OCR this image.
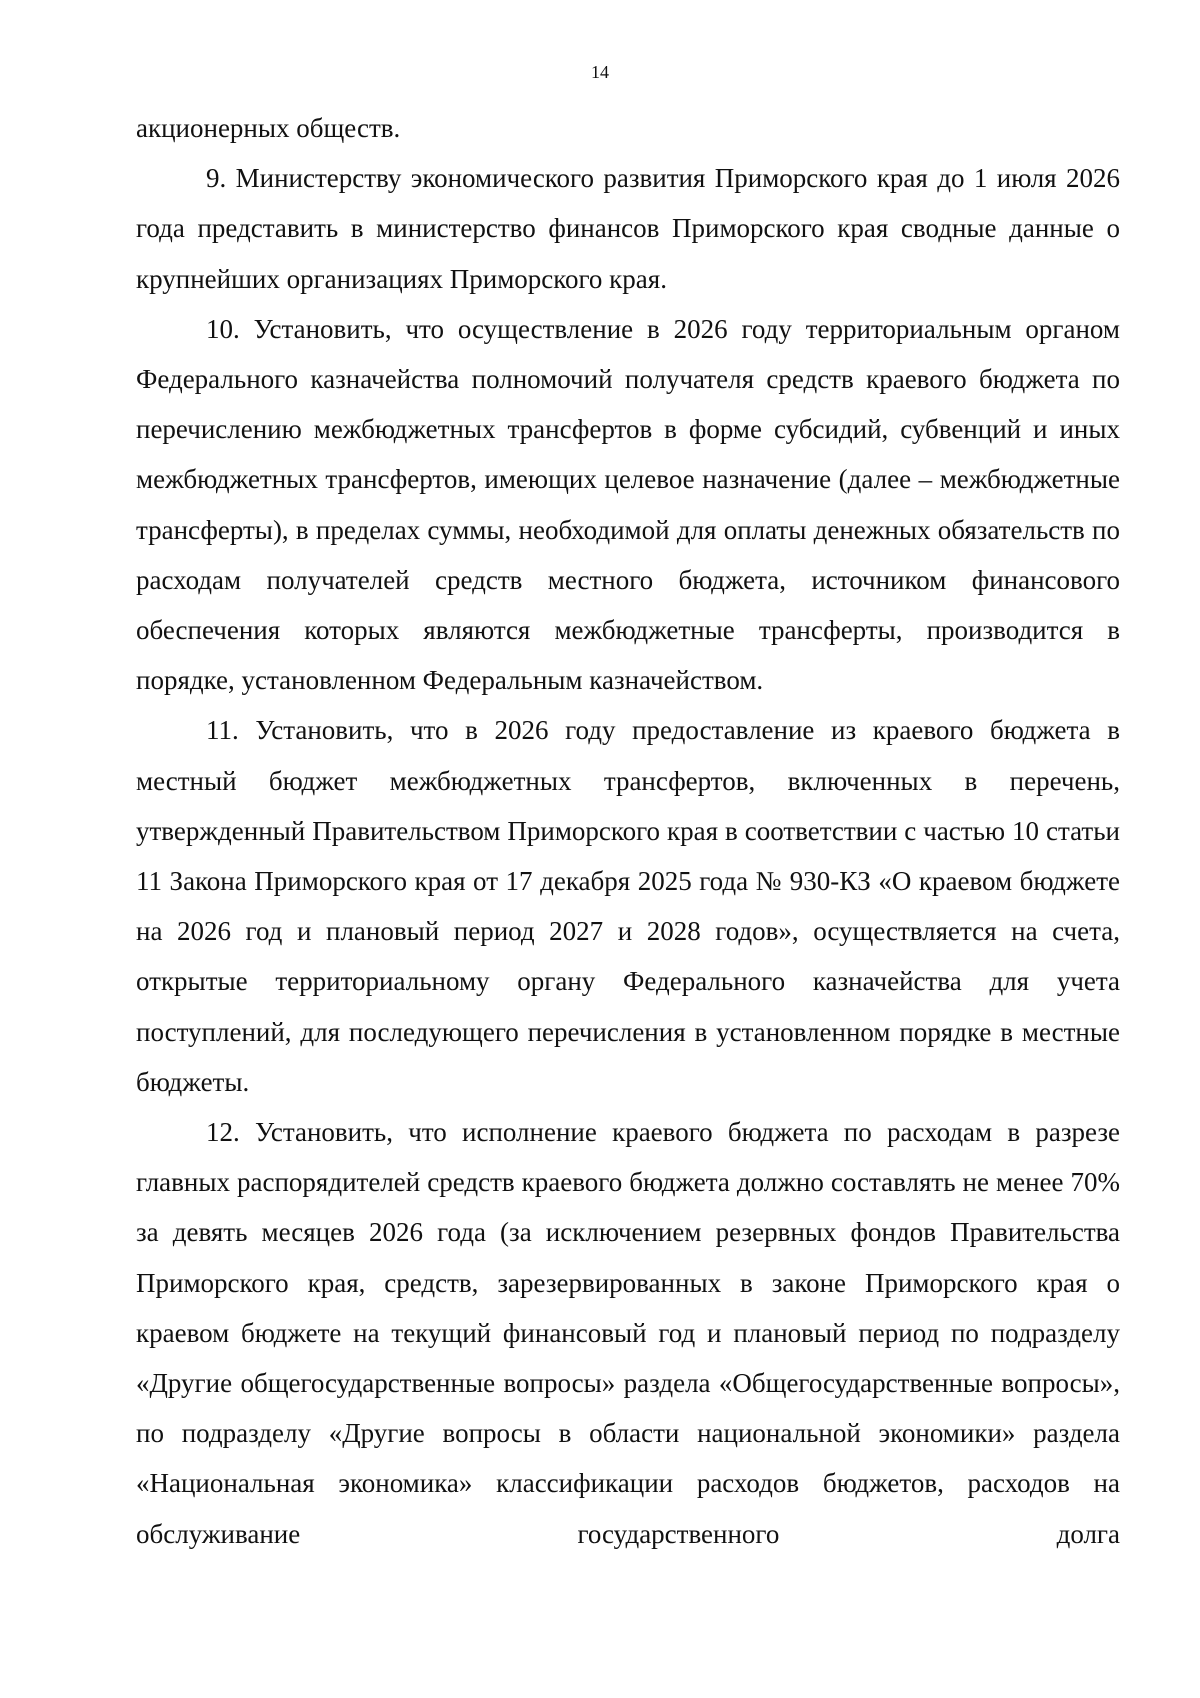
14

акционерных обществ.

9. Министерству экономического развития Приморского края до 1 июля 2026 года представить в министерство финансов Приморского края сводные данные о крупнейших организациях Приморского края.

10. Установить, что осуществление в 2026 году территориальным органом Федерального казначейства полномочий получателя средств краевого бюджета по перечислению межбюджетных трансфертов в форме субсидий, субвенций и иных межбюджетных трансфертов, имеющих целевое назначение (далее – межбюджетные трансферты), в пределах суммы, необходимой для оплаты денежных обязательств по расходам получателей средств местного бюджета, источником финансового обеспечения которых являются межбюджетные трансферты, производится в порядке, установленном Федеральным казначейством.

11. Установить, что в 2026 году предоставление из краевого бюджета в местный бюджет межбюджетных трансфертов, включенных в перечень, утвержденный Правительством Приморского края в соответствии с частью 10 статьи 11 Закона Приморского края от 17 декабря 2025 года № 930-КЗ «О краевом бюджете на 2026 год и плановый период 2027 и 2028 годов», осуществляется на счета, открытые территориальному органу Федерального казначейства для учета поступлений, для последующего перечисления в установленном порядке в местные бюджеты.

12. Установить, что исполнение краевого бюджета по расходам в разрезе главных распорядителей средств краевого бюджета должно составлять не менее 70% за девять месяцев 2026 года (за исключением резервных фондов Правительства Приморского края, средств, зарезервированных в законе Приморского края о краевом бюджете на текущий финансовый год и плановый период по подразделу «Другие общегосударственные вопросы» раздела «Общегосударственные вопросы», по подразделу «Другие вопросы в области национальной экономики» раздела «Национальная экономика» классификации расходов бюджетов, расходов на обслуживание государственного долга
